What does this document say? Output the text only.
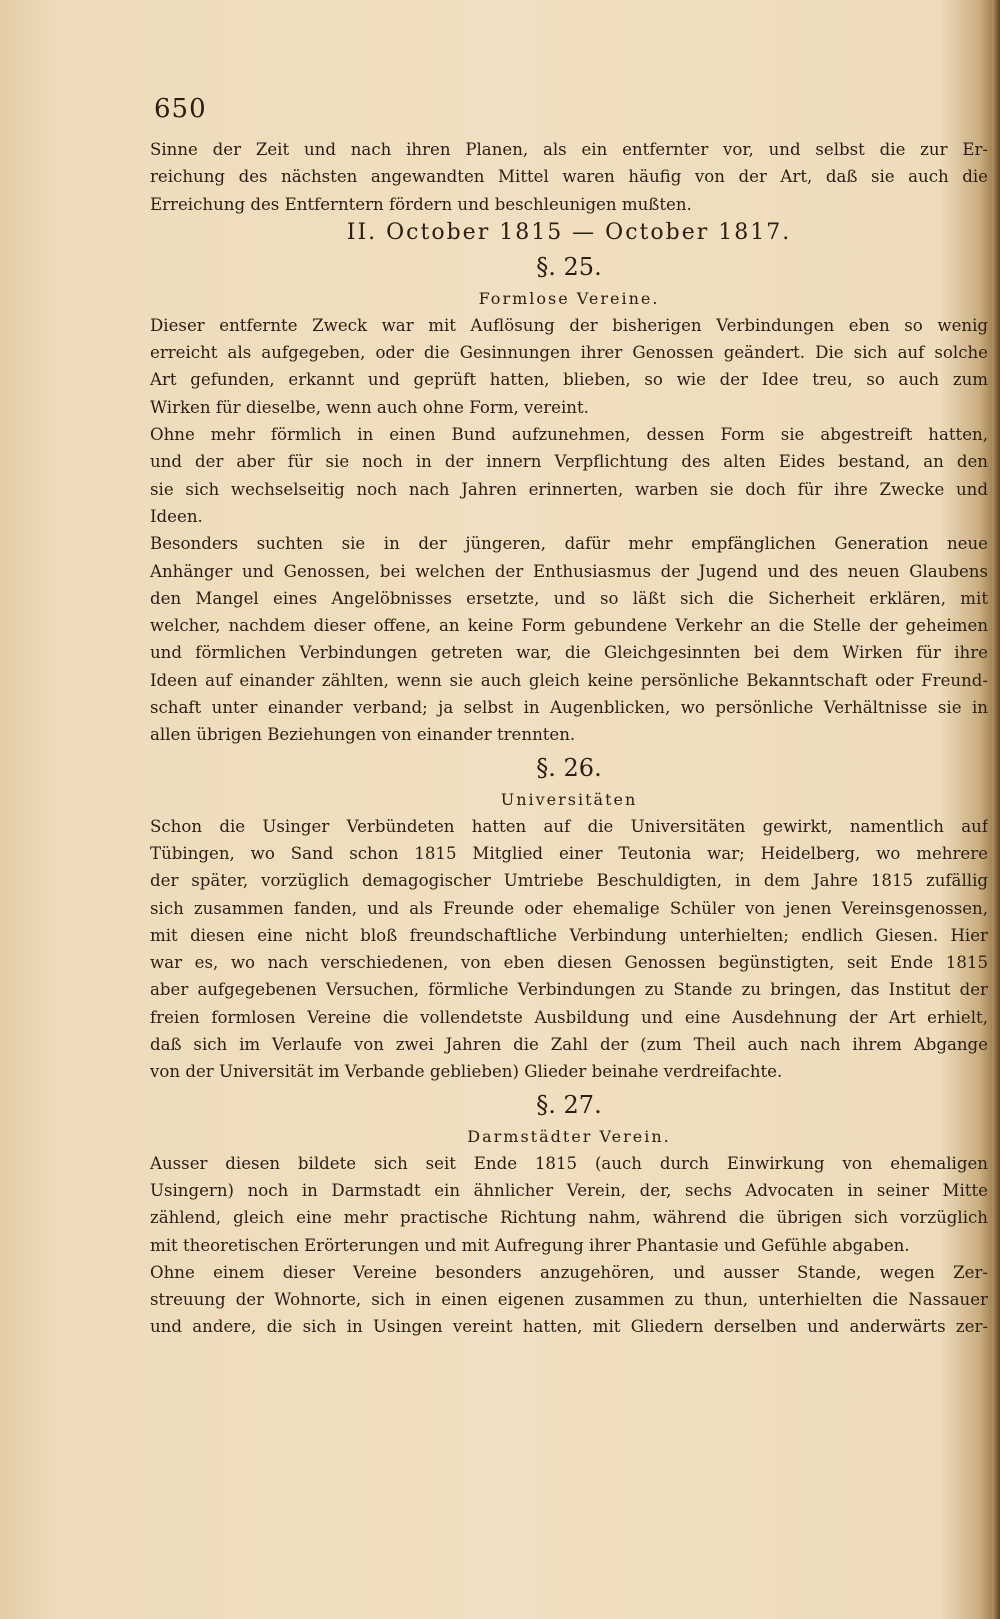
650
Sinne der Zeit und nach ihren Planen, als ein entfernter vor, und selbst die zur Er-
reichung des nächsten angewandten Mittel waren häufig von der Art, daß sie auch die
Erreichung des Entferntern fördern und beschleunigen mußten.
II. October 1815 — October 1817.
§. 25.
Formlose Vereine.
Dieser entfernte Zweck war mit Auflösung der bisherigen Verbindungen eben so wenig
erreicht als aufgegeben, oder die Gesinnungen ihrer Genossen geändert. Die sich auf solche
Art gefunden, erkannt und geprüft hatten, blieben, so wie der Idee treu, so auch zum
Wirken für dieselbe, wenn auch ohne Form, vereint.
Ohne mehr förmlich in einen Bund aufzunehmen, dessen Form sie abgestreift hatten,
und der aber für sie noch in der innern Verpflichtung des alten Eides bestand, an den
sie sich wechselseitig noch nach Jahren erinnerten, warben sie doch für ihre Zwecke und
Ideen.
Besonders suchten sie in der jüngeren, dafür mehr empfänglichen Generation neue
Anhänger und Genossen, bei welchen der Enthusiasmus der Jugend und des neuen Glaubens
den Mangel eines Angelöbnisses ersetzte, und so läßt sich die Sicherheit erklären, mit
welcher, nachdem dieser offene, an keine Form gebundene Verkehr an die Stelle der geheimen
und förmlichen Verbindungen getreten war, die Gleichgesinnten bei dem Wirken für ihre
Ideen auf einander zählten, wenn sie auch gleich keine persönliche Bekanntschaft oder Freund-
schaft unter einander verband; ja selbst in Augenblicken, wo persönliche Verhältnisse sie in
allen übrigen Beziehungen von einander trennten.
§. 26.
Universitäten
Schon die Usinger Verbündeten hatten auf die Universitäten gewirkt, namentlich auf
Tübingen, wo Sand schon 1815 Mitglied einer Teutonia war; Heidelberg, wo mehrere
der später, vorzüglich demagogischer Umtriebe Beschuldigten, in dem Jahre 1815 zufällig
sich zusammen fanden, und als Freunde oder ehemalige Schüler von jenen Vereinsgenossen,
mit diesen eine nicht bloß freundschaftliche Verbindung unterhielten; endlich Giesen. Hier
war es, wo nach verschiedenen, von eben diesen Genossen begünstigten, seit Ende 1815
aber aufgegebenen Versuchen, förmliche Verbindungen zu Stande zu bringen, das Institut der
freien formlosen Vereine die vollendetste Ausbildung und eine Ausdehnung der Art erhielt,
daß sich im Verlaufe von zwei Jahren die Zahl der (zum Theil auch nach ihrem Abgange
von der Universität im Verbande geblieben) Glieder beinahe verdreifachte.
§. 27.
Darmstädter Verein.
Ausser diesen bildete sich seit Ende 1815 (auch durch Einwirkung von ehemaligen
Usingern) noch in Darmstadt ein ähnlicher Verein, der, sechs Advocaten in seiner Mitte
zählend, gleich eine mehr practische Richtung nahm, während die übrigen sich vorzüglich
mit theoretischen Erörterungen und mit Aufregung ihrer Phantasie und Gefühle abgaben.
Ohne einem dieser Vereine besonders anzugehören, und ausser Stande, wegen Zer-
streuung der Wohnorte, sich in einen eigenen zusammen zu thun, unterhielten die Nassauer
und andere, die sich in Usingen vereint hatten, mit Gliedern derselben und anderwärts zer-
